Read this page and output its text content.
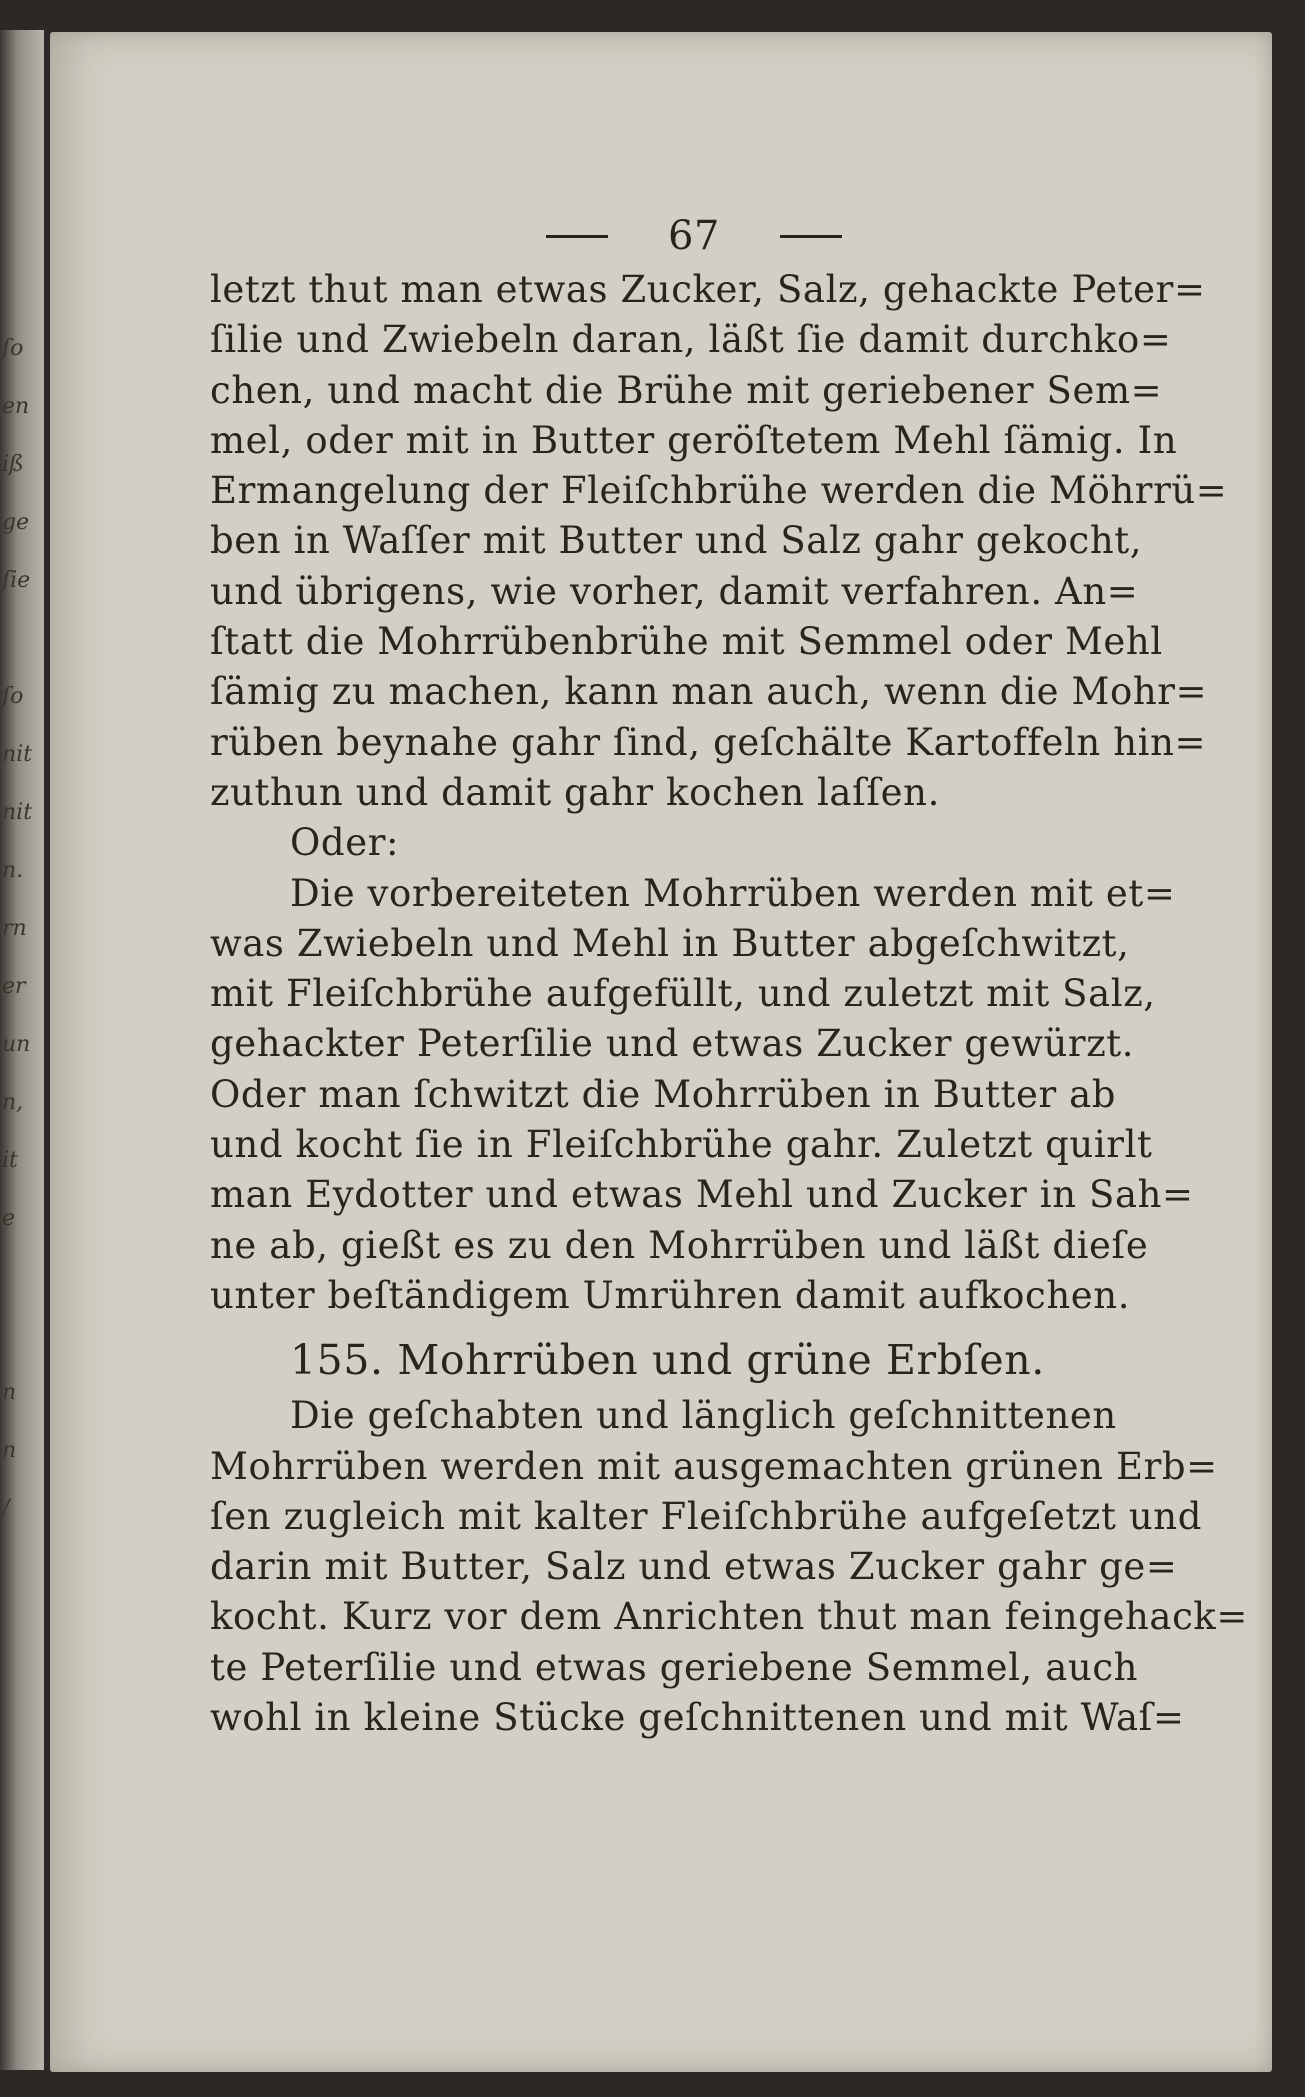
ſo
en
iß
ge
ſie

ſo
nit
nit
n.
rn
er
un
n,
it
e

n
n
/

67
letzt thut man etwas Zucker, Salz, gehackte Peter=
ſilie und Zwiebeln daran, läßt ſie damit durchko=
chen, und macht die Brühe mit geriebener Sem=
mel, oder mit in Butter geröſtetem Mehl ſämig. In
Ermangelung der Fleiſchbrühe werden die Möhrrü=
ben in Waſſer mit Butter und Salz gahr gekocht,
und übrigens, wie vorher, damit verfahren. An=
ſtatt die Mohrrübenbrühe mit Semmel oder Mehl
ſämig zu machen, kann man auch, wenn die Mohr=
rüben beynahe gahr ſind, geſchälte Kartoffeln hin=
zuthun und damit gahr kochen laſſen.
Oder:
Die vorbereiteten Mohrrüben werden mit et=
was Zwiebeln und Mehl in Butter abgeſchwitzt,
mit Fleiſchbrühe aufgefüllt, und zuletzt mit Salz,
gehackter Peterſilie und etwas Zucker gewürzt.
Oder man ſchwitzt die Mohrrüben in Butter ab
und kocht ſie in Fleiſchbrühe gahr. Zuletzt quirlt
man Eydotter und etwas Mehl und Zucker in Sah=
ne ab, gießt es zu den Mohrrüben und läßt dieſe
unter beſtändigem Umrühren damit aufkochen.
155. Mohrrüben und grüne Erbſen.
Die geſchabten und länglich geſchnittenen
Mohrrüben werden mit ausgemachten grünen Erb=
ſen zugleich mit kalter Fleiſchbrühe aufgeſetzt und
darin mit Butter, Salz und etwas Zucker gahr ge=
kocht. Kurz vor dem Anrichten thut man feingehack=
te Peterſilie und etwas geriebene Semmel, auch
wohl in kleine Stücke geſchnittenen und mit Waſ=
